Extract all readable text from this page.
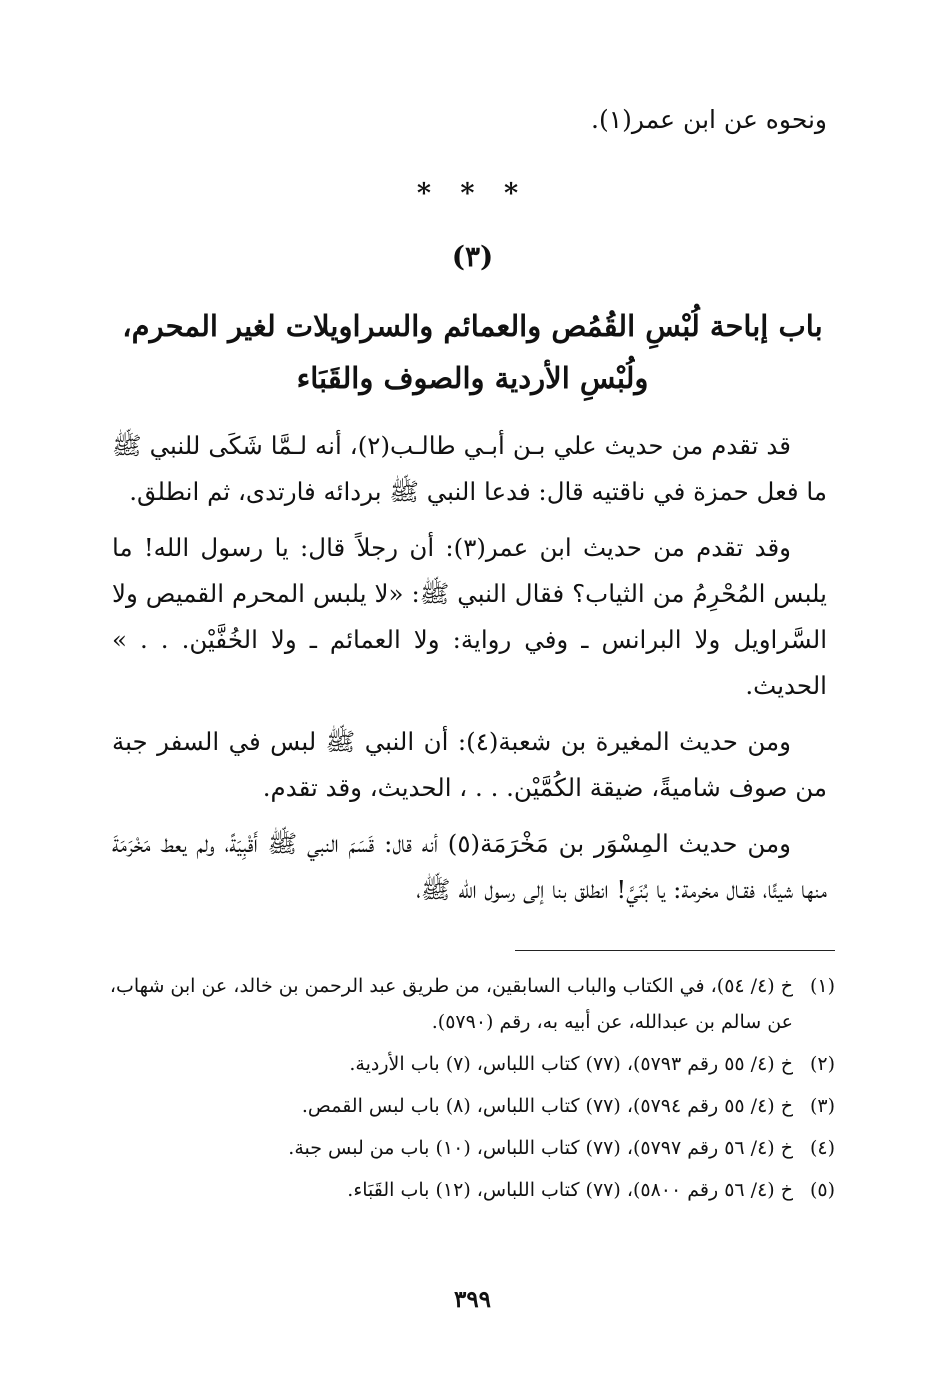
ونحوه عن ابن عمر(١).
* * *
(٣)
باب إباحة لُبْسِ القُمُص والعمائم والسراويلات لغير المحرم،
ولُبْسِ الأردية والصوف والقَبَاء

قد تقدم من حديث علي بـن أبـي طالـب(٢)، أنه لـمَّا شَكَى للنبي ﷺ ما فعل حمزة في ناقتيه قال: فدعا النبي ﷺ بردائه فارتدى، ثم انطلق.

وقد تقدم من حديث ابن عمر(٣): أن رجلاً قال: يا رسول الله! ما يلبس المُحْرِمُ من الثياب؟ فقال النبي ﷺ: «لا يلبس المحرم القميص ولا السَّراويل ولا البرانس ـ وفي رواية: ولا العمائم ـ ولا الخُفَّيْن. . . » الحديث.

ومن حديث المغيرة بن شعبة(٤): أن النبي ﷺ لبس في السفر جبة من صوف شاميةً، ضيقة الكُمَّيْن. . . ، الحديث، وقد تقدم.

ومن حديث المِسْوَر بن مَخْرَمَة(٥) أنه قال: قَسَمَ النبي ﷺ أَقْبِيَةً، ولم يعط مَخْرَمَةَ منها شيئًا، فقـال مخرمة: يا بُنَيَّ! انطلق بنا إلى رسول الله ﷺ،

(١)
خ (٤/ ٥٤)، في الكتاب والباب السابقين، من طريق عبد الرحمن بن خالد، عن ابن شهاب، عن سالم بن عبدالله، عن أبيه به، رقم (٥٧٩٠).
(٢)
خ (٤/ ٥٥ رقم ٥٧٩٣)، (٧٧) كتاب اللباس، (٧) باب الأردية.
(٣)
خ (٤/ ٥٥ رقم ٥٧٩٤)، (٧٧) كتاب اللباس، (٨) باب لبس القمص.
(٤)
خ (٤/ ٥٦ رقم ٥٧٩٧)، (٧٧) كتاب اللباس، (١٠) باب من لبس جبة.
(٥)
خ (٤/ ٥٦ رقم ٥٨٠٠)، (٧٧) كتاب اللباس، (١٢) باب القَبَاء.
٣٩٩
